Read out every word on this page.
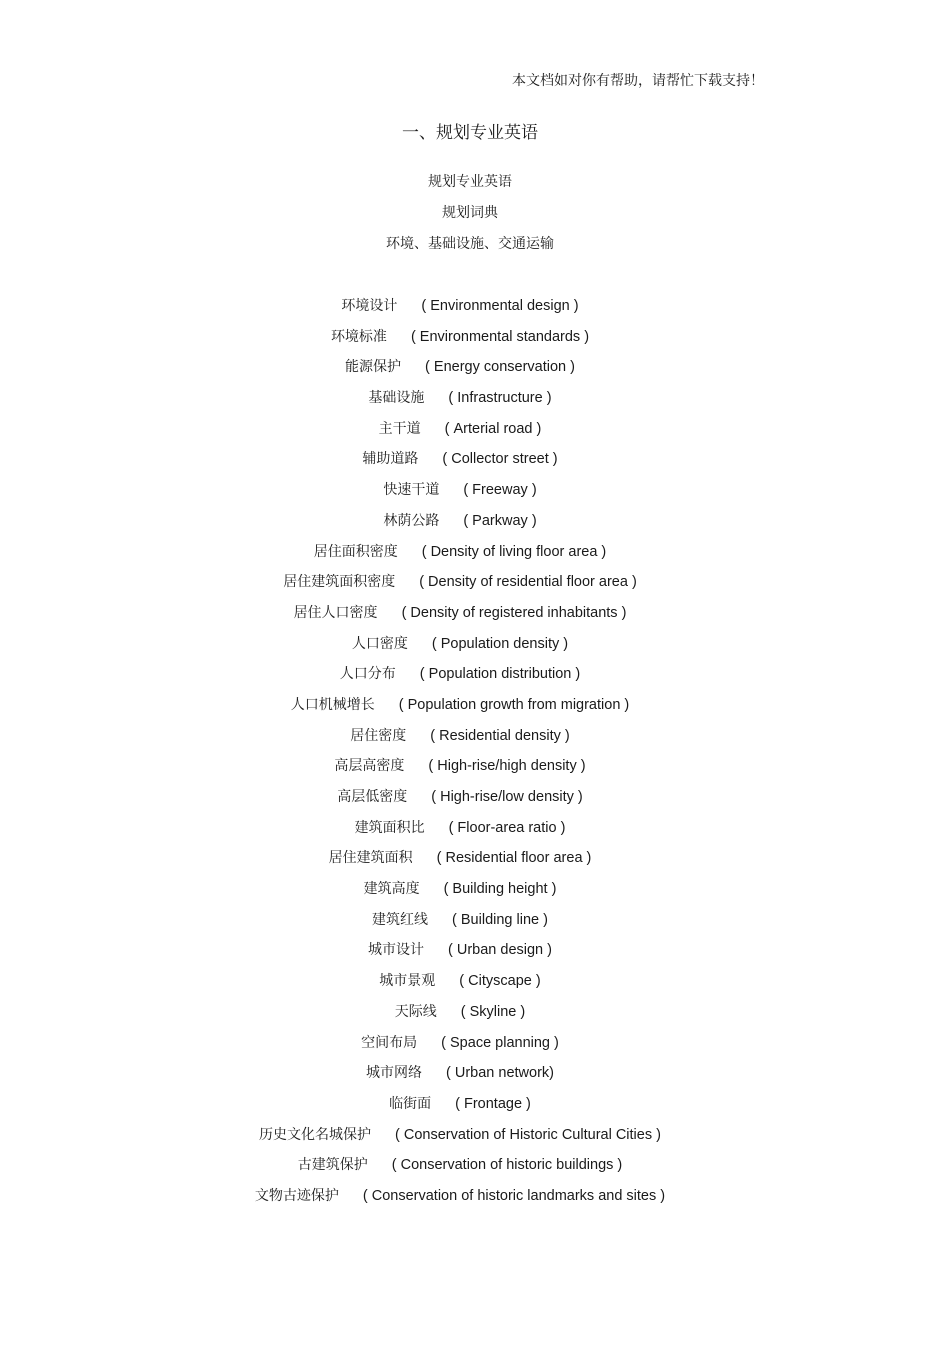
本文档如对你有帮助，请帮忙下载支持！
一、规划专业英语
规划专业英语
规划词典
环境、基础设施、交通运输
环境设计 ( Environmental design )
环境标准 ( Environmental standards )
能源保护 ( Energy conservation )
基础设施 ( Infrastructure )
主干道 ( Arterial road )
辅助道路 ( Collector street )
快速干道 ( Freeway )
林荫公路 ( Parkway )
居住面积密度 ( Density of living floor area )
居住建筑面积密度 ( Density of residential floor area )
居住人口密度 ( Density of registered inhabitants )
人口密度 ( Population density )
人口分布 ( Population distribution )
人口机械增长 ( Population growth from migration )
居住密度 ( Residential density )
高层高密度 ( High-rise/high density )
高层低密度 ( High-rise/low density )
建筑面积比 ( Floor-area ratio )
居住建筑面积 ( Residential floor area )
建筑高度 ( Building height )
建筑红线 ( Building line )
城市设计 ( Urban design )
城市景观 ( Cityscape )
天际线 ( Skyline )
空间布局 ( Space planning )
城市网络 ( Urban network)
临街面 ( Frontage )
历史文化名城保护 ( Conservation of Historic Cultural Cities )
古建筑保护 ( Conservation of historic buildings )
文物古迹保护 ( Conservation of historic landmarks and sites )
